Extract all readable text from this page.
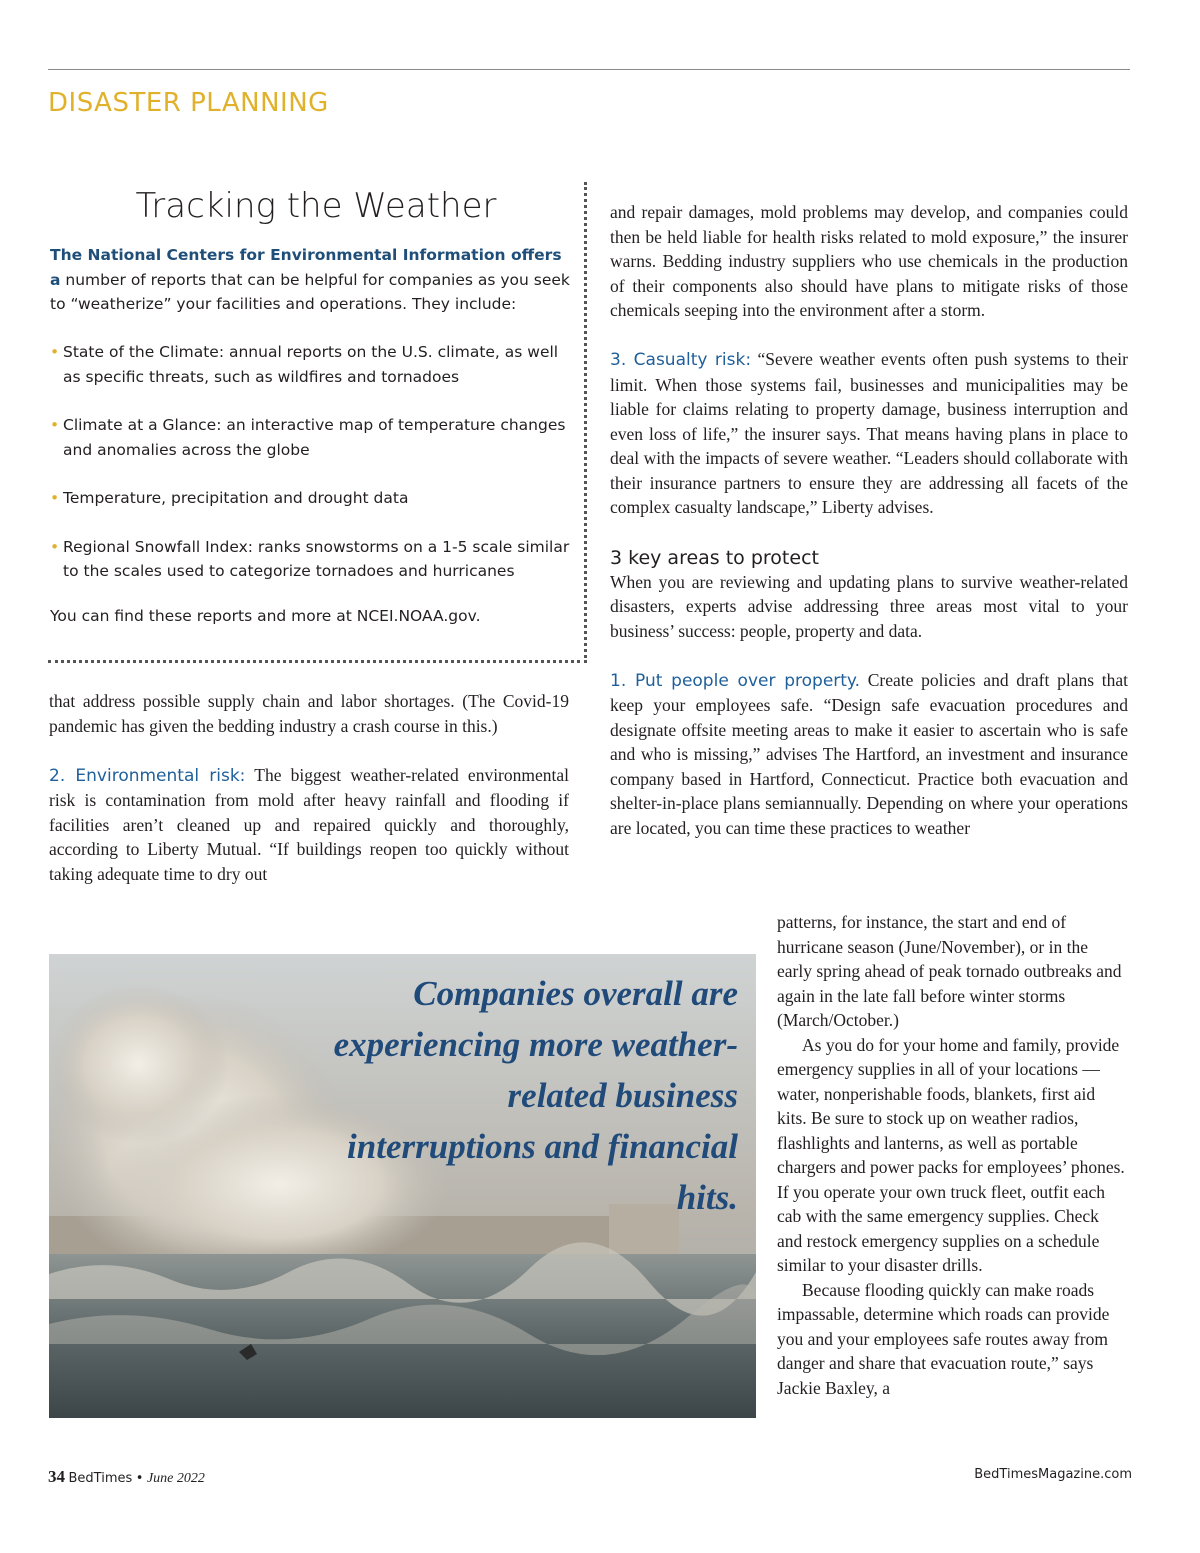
DISASTER PLANNING
Tracking the Weather
The National Centers for Environmental Information offers a number of reports that can be helpful for companies as you seek to “weatherize” your facilities and operations. They include:
• State of the Climate: annual reports on the U.S. climate, as well as specific threats, such as wildfires and tornadoes
• Climate at a Glance: an interactive map of temperature changes and anomalies across the globe
• Temperature, precipitation and drought data
• Regional Snowfall Index: ranks snowstorms on a 1-5 scale similar to the scales used to categorize tornadoes and hurricanes
You can find these reports and more at NCEI.NOAA.gov.

that address possible supply chain and labor shortages. (The Covid-19 pandemic has given the bedding industry a crash course in this.)

2. Environmental risk: The biggest weather-related environmental risk is contamination from mold after heavy rainfall and flooding if facilities aren’t cleaned up and repaired quickly and thoroughly, according to Liberty Mutual. “If buildings reopen too quickly without taking adequate time to dry out

Companies overall are experiencing more weather-related business interruptions and financial hits.

and repair damages, mold problems may develop, and companies could then be held liable for health risks related to mold exposure,” the insurer warns. Bedding industry suppliers who use chemicals in the production of their components also should have plans to mitigate risks of those chemicals seeping into the environment after a storm.

3. Casualty risk: “Severe weather events often push systems to their limit. When those systems fail, businesses and municipalities may be liable for claims relating to property damage, business interruption and even loss of life,” the insurer says. That means having plans in place to deal with the impacts of severe weather. “Leaders should collaborate with their insurance partners to ensure they are addressing all facets of the complex casualty landscape,” Liberty advises.

3 key areas to protect

When you are reviewing and updating plans to survive weather-related disasters, experts advise addressing three areas most vital to your business’ success: people, property and data.

1. Put people over property. Create policies and draft plans that keep your employees safe. “Design safe evacuation procedures and designate offsite meeting areas to make it easier to ascertain who is safe and who is missing,” advises The Hartford, an investment and insurance company based in Hartford, Connecticut. Practice both evacuation and shelter-in-place plans semiannually. Depending on where your operations are located, you can time these practices to weather

patterns, for instance, the start and end of hurricane season (June/November), or in the early spring ahead of peak tornado outbreaks and again in the late fall before winter storms (March/October.)

As you do for your home and family, provide emergency supplies in all of your locations — water, nonperishable foods, blankets, first aid kits. Be sure to stock up on weather radios, flashlights and lanterns, as well as portable chargers and power packs for employees’ phones. If you operate your own truck fleet, outfit each cab with the same emergency supplies. Check and restock emergency supplies on a schedule similar to your disaster drills.

Because flooding quickly can make roads impassable, determine which roads can provide you and your employees safe routes away from danger and share that evacuation route,” says Jackie Baxley, a

34 BedTimes • June 2022	BedTimesMagazine.com
